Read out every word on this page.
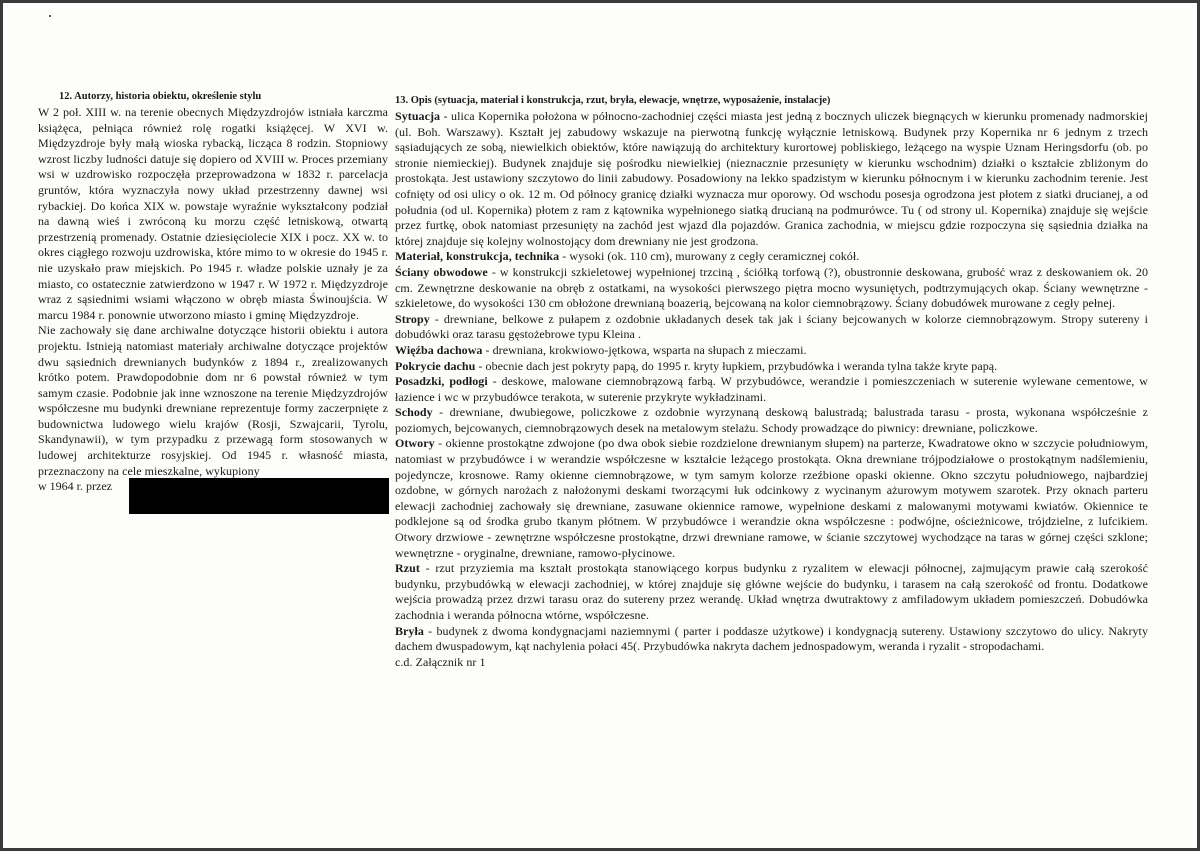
12. Autorzy, historia obiektu, określenie stylu

W 2 poł. XIII w. na terenie obecnych Międzyzdrojów istniała karczma książęca, pełniąca również rolę rogatki książęcej. W XVI w. Międzyzdroje były małą wioska rybacką, licząca 8 rodzin. Stopniowy wzrost liczby ludności datuje się dopiero od XVIII w. Proces przemiany wsi w uzdrowisko rozpoczęła przeprowadzona w 1832 r. parcelacja gruntów, która wyznaczyła nowy układ przestrzenny dawnej wsi rybackiej. Do końca XIX w. powstaje wyraźnie wykształcony podział na dawną wieś i zwróconą ku morzu część letniskową, otwartą przestrzenią promenady. Ostatnie dziesięciolecie XIX i pocz. XX w. to okres ciągłego rozwoju uzdrowiska, które mimo to w okresie do 1945 r. nie uzyskało praw miejskich. Po 1945 r. władze polskie uznały je za miasto, co ostatecznie zatwierdzono w 1947 r. W 1972 r. Międzyzdroje wraz z sąsiednimi wsiami włączono w obręb miasta Świnoujścia. W marcu 1984 r. ponownie utworzono miasto i gminę Międzyzdroje.

Nie zachowały się dane archiwalne dotyczące historii obiektu i autora projektu. Istnieją natomiast materiały archiwalne dotyczące projektów dwu sąsiednich drewnianych budynków z 1894 r., zrealizowanych krótko potem. Prawdopodobnie dom nr 6 powstał również w tym samym czasie. Podobnie jak inne wznoszone na terenie Międzyzdrojów współczesne mu budynki drewniane reprezentuje formy zaczerpnięte z budownictwa ludowego wielu krajów (Rosji, Szwajcarii, Tyrolu, Skandynawii), w tym przypadku z przewagą form stosowanych w ludowej architekturze rosyjskiej. Od 1945 r. własność miasta, przeznaczony na cele mieszkalne, wykupiony

w 1964 r. przez
13. Opis (sytuacja, materiał i konstrukcja, rzut, bryła, elewacje, wnętrze, wyposażenie, instalacje)

Sytuacja - ulica Kopernika położona w północno-zachodniej części miasta jest jedną z bocznych uliczek biegnących w kierunku promenady nadmorskiej (ul. Boh. Warszawy). Kształt jej zabudowy wskazuje na pierwotną funkcję wyłącznie letniskową. Budynek przy Kopernika nr 6 jednym z trzech sąsiadujących ze sobą, niewielkich obiektów, które nawiązują do architektury kurortowej pobliskiego, leżącego na wyspie Uznam Heringsdorfu (ob. po stronie niemieckiej). Budynek znajduje się pośrodku niewielkiej (nieznacznie przesunięty w kierunku wschodnim) działki o kształcie zbliżonym do prostokąta. Jest ustawiony szczytowo do linii zabudowy. Posadowiony na lekko spadzistym w kierunku północnym i w kierunku zachodnim terenie. Jest cofnięty od osi ulicy o ok. 12 m. Od północy granicę działki wyznacza mur oporowy. Od wschodu posesja ogrodzona jest płotem z siatki drucianej, a od południa (od ul. Kopernika) płotem z ram z kątownika wypełnionego siatką drucianą na podmurówce. Tu ( od strony ul. Kopernika) znajduje się wejście przez furtkę, obok natomiast przesunięty na zachód jest wjazd dla pojazdów. Granica zachodnia, w miejscu gdzie rozpoczyna się sąsiednia działka na której znajduje się kolejny wolnostojący dom drewniany nie jest grodzona.

Materiał, konstrukcja, technika - wysoki (ok. 110 cm), murowany z cegły ceramicznej cokół.

Ściany obwodowe - w konstrukcji szkieletowej wypełnionej trzciną , ściółką torfową (?), obustronnie deskowana, grubość wraz z deskowaniem ok. 20 cm. Zewnętrzne deskowanie na obręb z ostatkami, na wysokości pierwszego piętra mocno wysuniętych, podtrzymujących okap. Ściany wewnętrzne - szkieletowe, do wysokości 130 cm obłożone drewnianą boazerią, bejcowaną na kolor ciemnobrązowy. Ściany dobudówek murowane z cegły pełnej.

Stropy - drewniane, belkowe z pułapem z ozdobnie układanych desek tak jak i ściany bejcowanych w kolorze ciemnobrązowym. Stropy sutereny i dobudówki oraz tarasu gęstożebrowe typu Kleina .

Więźba dachowa - drewniana, krokwiowo-jętkowa, wsparta na słupach z mieczami.

Pokrycie dachu - obecnie dach jest pokryty papą, do 1995 r. kryty łupkiem, przybudówka i weranda tylna także kryte papą.

Posadzki, podłogi - deskowe, malowane ciemnobrązową farbą. W przybudówce, werandzie i pomieszczeniach w suterenie wylewane cementowe, w łazience i wc w przybudówce terakota, w suterenie przykryte wykładzinami.

Schody - drewniane, dwubiegowe, policzkowe z ozdobnie wyrzynaną deskową balustradą; balustrada tarasu - prosta, wykonana współcześnie z poziomych, bejcowanych, ciemnobrązowych desek na metalowym stelażu. Schody prowadzące do piwnicy: drewniane, policzkowe.

Otwory - okienne prostokątne zdwojone (po dwa obok siebie rozdzielone drewnianym słupem) na parterze, Kwadratowe okno w szczycie południowym, natomiast w przybudówce i w werandzie współczesne w kształcie leżącego prostokąta. Okna drewniane trójpodziałowe o prostokątnym nadślemieniu, pojedyncze, krosnowe. Ramy okienne ciemnobrązowe, w tym samym kolorze rzeźbione opaski okienne. Okno szczytu południowego, najbardziej ozdobne, w górnych narożach z nałożonymi deskami tworzącymi łuk odcinkowy z wycinanym ażurowym motywem szarotek. Przy oknach parteru elewacji zachodniej zachowały się drewniane, zasuwane okiennice ramowe, wypełnione deskami z malowanymi motywami kwiatów. Okiennice te podklejone są od środka grubo tkanym płótnem. W przybudówce i werandzie okna współczesne : podwójne, ościeżnicowe, trójdzielne, z lufcikiem. Otwory drzwiowe - zewnętrzne współczesne prostokątne, drzwi drewniane ramowe, w ścianie szczytowej wychodzące na taras w górnej części szklone; wewnętrzne - oryginalne, drewniane, ramowo-płycinowe.

Rzut - rzut przyziemia ma kształt prostokąta stanowiącego korpus budynku z ryzalitem w elewacji północnej, zajmującym prawie całą szerokość budynku, przybudówką w elewacji zachodniej, w której znajduje się główne wejście do budynku, i tarasem na całą szerokość od frontu. Dodatkowe wejścia prowadzą przez drzwi tarasu oraz do sutereny przez werandę. Układ wnętrza dwutraktowy z amfiladowym układem pomieszczeń. Dobudówka zachodnia i weranda północna wtórne, współczesne.

Bryła - budynek z dwoma kondygnacjami naziemnymi ( parter i poddasze użytkowe) i kondygnacją sutereny. Ustawiony szczytowo do ulicy. Nakryty dachem dwuspadowym, kąt nachylenia połaci 45(. Przybudówka nakryta dachem jednospadowym, weranda i ryzalit - stropodachami.

c.d. Załącznik nr 1
